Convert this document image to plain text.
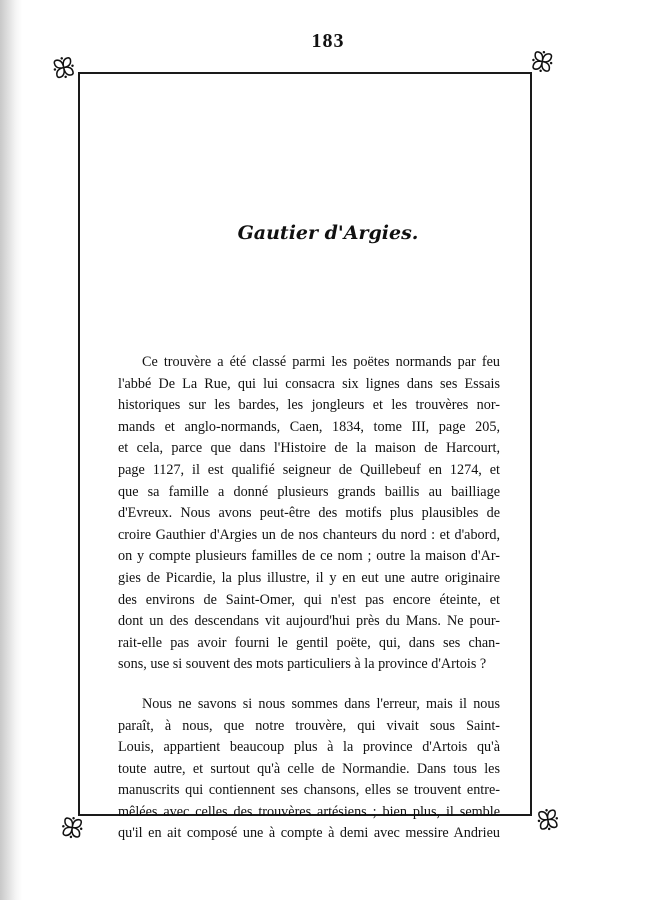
183
ꕥ	ꕥ
ꕥ	ꕥ
Gautier d'Argies.

Ce trouvère a été classé parmi les poëtes normands par feu
l'abbé De La Rue, qui lui consacra six lignes dans ses Essais
historiques sur les bardes, les jongleurs et les trouvères nor-
mands et anglo-normands, Caen, 1834, tome III, page 205,
et cela, parce que dans l'Histoire de la maison de Harcourt,
page 1127, il est qualifié seigneur de Quillebeuf en 1274, et
que sa famille a donné plusieurs grands baillis au bailliage
d'Evreux. Nous avons peut-être des motifs plus plausibles de
croire Gauthier d'Argies un de nos chanteurs du nord : et d'abord,
on y compte plusieurs familles de ce nom ; outre la maison d'Ar-
gies de Picardie, la plus illustre, il y en eut une autre originaire
des environs de Saint-Omer, qui n'est pas encore éteinte, et
dont un des descendans vit aujourd'hui près du Mans. Ne pour-
rait-elle pas avoir fourni le gentil poëte, qui, dans ses chan-
sons, use si souvent des mots particuliers à la province d'Artois ?

Nous ne savons si nous sommes dans l'erreur, mais il nous
paraît, à nous, que notre trouvère, qui vivait sous Saint-
Louis, appartient beaucoup plus à la province d'Artois qu'à
toute autre, et surtout qu'à celle de Normandie. Dans tous les
manuscrits qui contiennent ses chansons, elles se trouvent entre-
mêlées avec celles des trouvères artésiens ; bien plus, il semble
qu'il en ait composé une à compte à demi avec messire Andrieu
